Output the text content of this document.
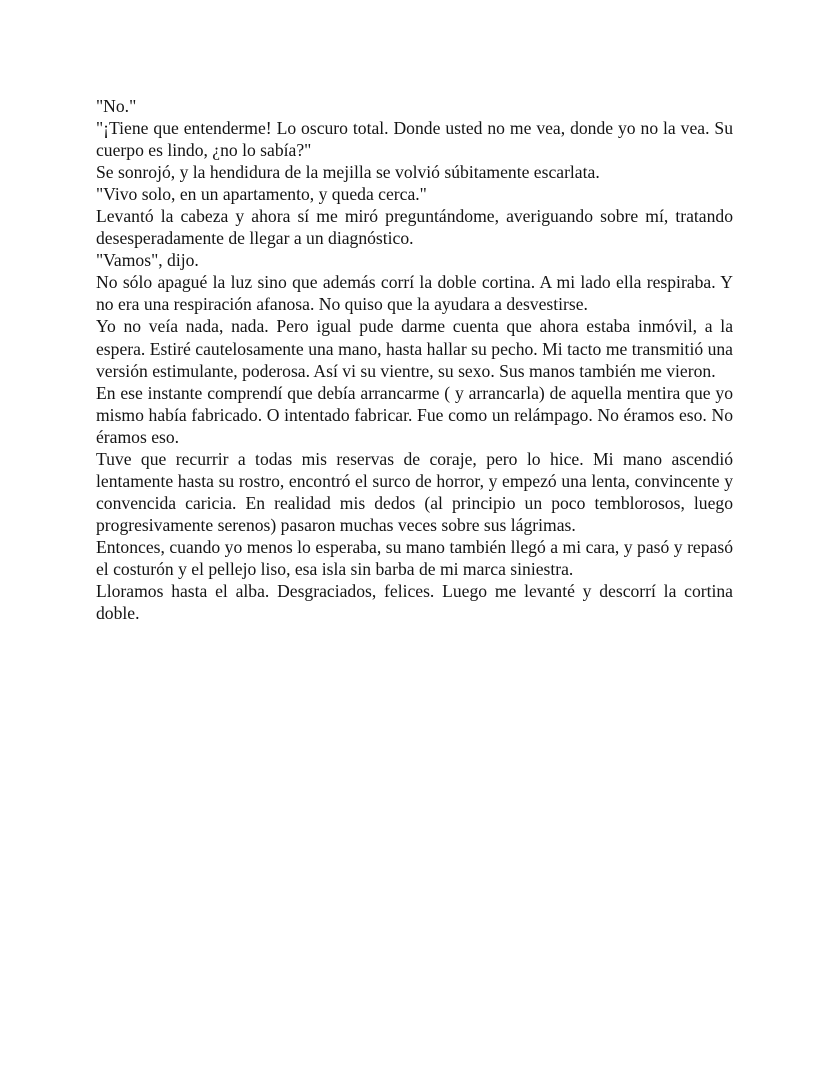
"No."

"¡Tiene que entenderme! Lo oscuro total. Donde usted no me vea, donde yo no la vea. Su cuerpo es lindo, ¿no lo sabía?"

Se sonrojó, y la hendidura de la mejilla se volvió súbitamente escarlata.

"Vivo solo, en un apartamento, y queda cerca."

Levantó la cabeza y ahora sí me miró preguntándome, averiguando sobre mí, tratando desesperadamente de llegar a un diagnóstico.

"Vamos", dijo.

No sólo apagué la luz sino que además corrí la doble cortina. A mi lado ella respiraba. Y no era una respiración afanosa. No quiso que la ayudara a desvestirse.

Yo no veía nada, nada. Pero igual pude darme cuenta que ahora estaba inmóvil, a la espera. Estiré cautelosamente una mano, hasta hallar su pecho. Mi tacto me transmitió una versión estimulante, poderosa. Así vi su vientre, su sexo. Sus manos también me vieron.

En ese instante comprendí que debía arrancarme ( y arrancarla) de aquella mentira que yo mismo había fabricado. O intentado fabricar. Fue como un relámpago. No éramos eso. No éramos eso.

Tuve que recurrir a todas mis reservas de coraje, pero lo hice. Mi mano ascendió lentamente hasta su rostro, encontró el surco de horror, y empezó una lenta, convincente y convencida caricia. En realidad mis dedos (al principio un poco temblorosos, luego progresivamente serenos) pasaron muchas veces sobre sus lágrimas.

Entonces, cuando yo menos lo esperaba, su mano también llegó a mi cara, y pasó y repasó el costurón y el pellejo liso, esa isla sin barba de mi marca siniestra.

Lloramos hasta el alba. Desgraciados, felices. Luego me levanté y descorrí la cortina doble.
